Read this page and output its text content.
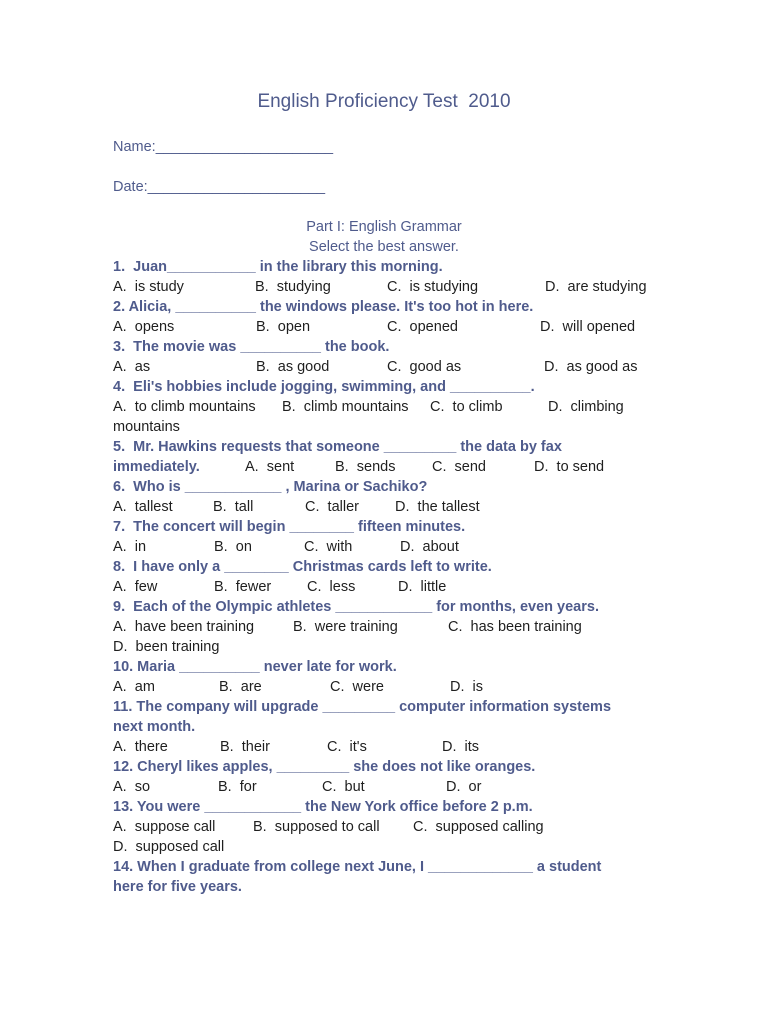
English Proficiency Test  2010
Name:______________________
Date:______________________
Part I: English Grammar
Select the best answer.
1.  Juan___________ in the library this morning.
A.  is study	B.  studying	C.  is studying	D.  are studying
2. Alicia, __________ the windows please. It's too hot in here.
A.  opens	B.  open	C.  opened	D.  will opened
3.  The movie was __________ the book.
A.  as	B.  as good	C.  good as	D.  as good as
4.  Eli's hobbies include jogging, swimming, and __________.
A.  to climb mountains B.  climb mountains C.  to climb	D.  climbing
mountains
5.  Mr. Hawkins requests that someone _________ the data by fax
immediately.	A.  sent	B.  sends	C.  send	D.  to send
6.  Who is ____________ , Marina or Sachiko?
A.  tallest	B.  tall	C.  taller D.  the tallest
7.  The concert will begin ________ fifteen minutes.
A.  in	B.  on	C.  with	D.  about
8.  I have only a ________ Christmas cards left to write.
A.  few	B.  fewer C.  less	D.  little
9.  Each of the Olympic athletes ____________ for months, even years.
A.  have been training	B.  were training	C.  has been training
D.  been training
10. Maria __________ never late for work.
A.  am	B.  are	C.  were	D.  is
11. The company will upgrade _________ computer information systems
next month.
A.  there	B.  their	C.  it's	D.  its
12. Cheryl likes apples, _________ she does not like oranges.
A.  so	B.  for	C.  but	D.  or
13. You were ____________ the New York office before 2 p.m.
A.  suppose call	B.  supposed to call C.  supposed calling
D.  supposed call
14. When I graduate from college next June, I _____________ a student
here for five years.
